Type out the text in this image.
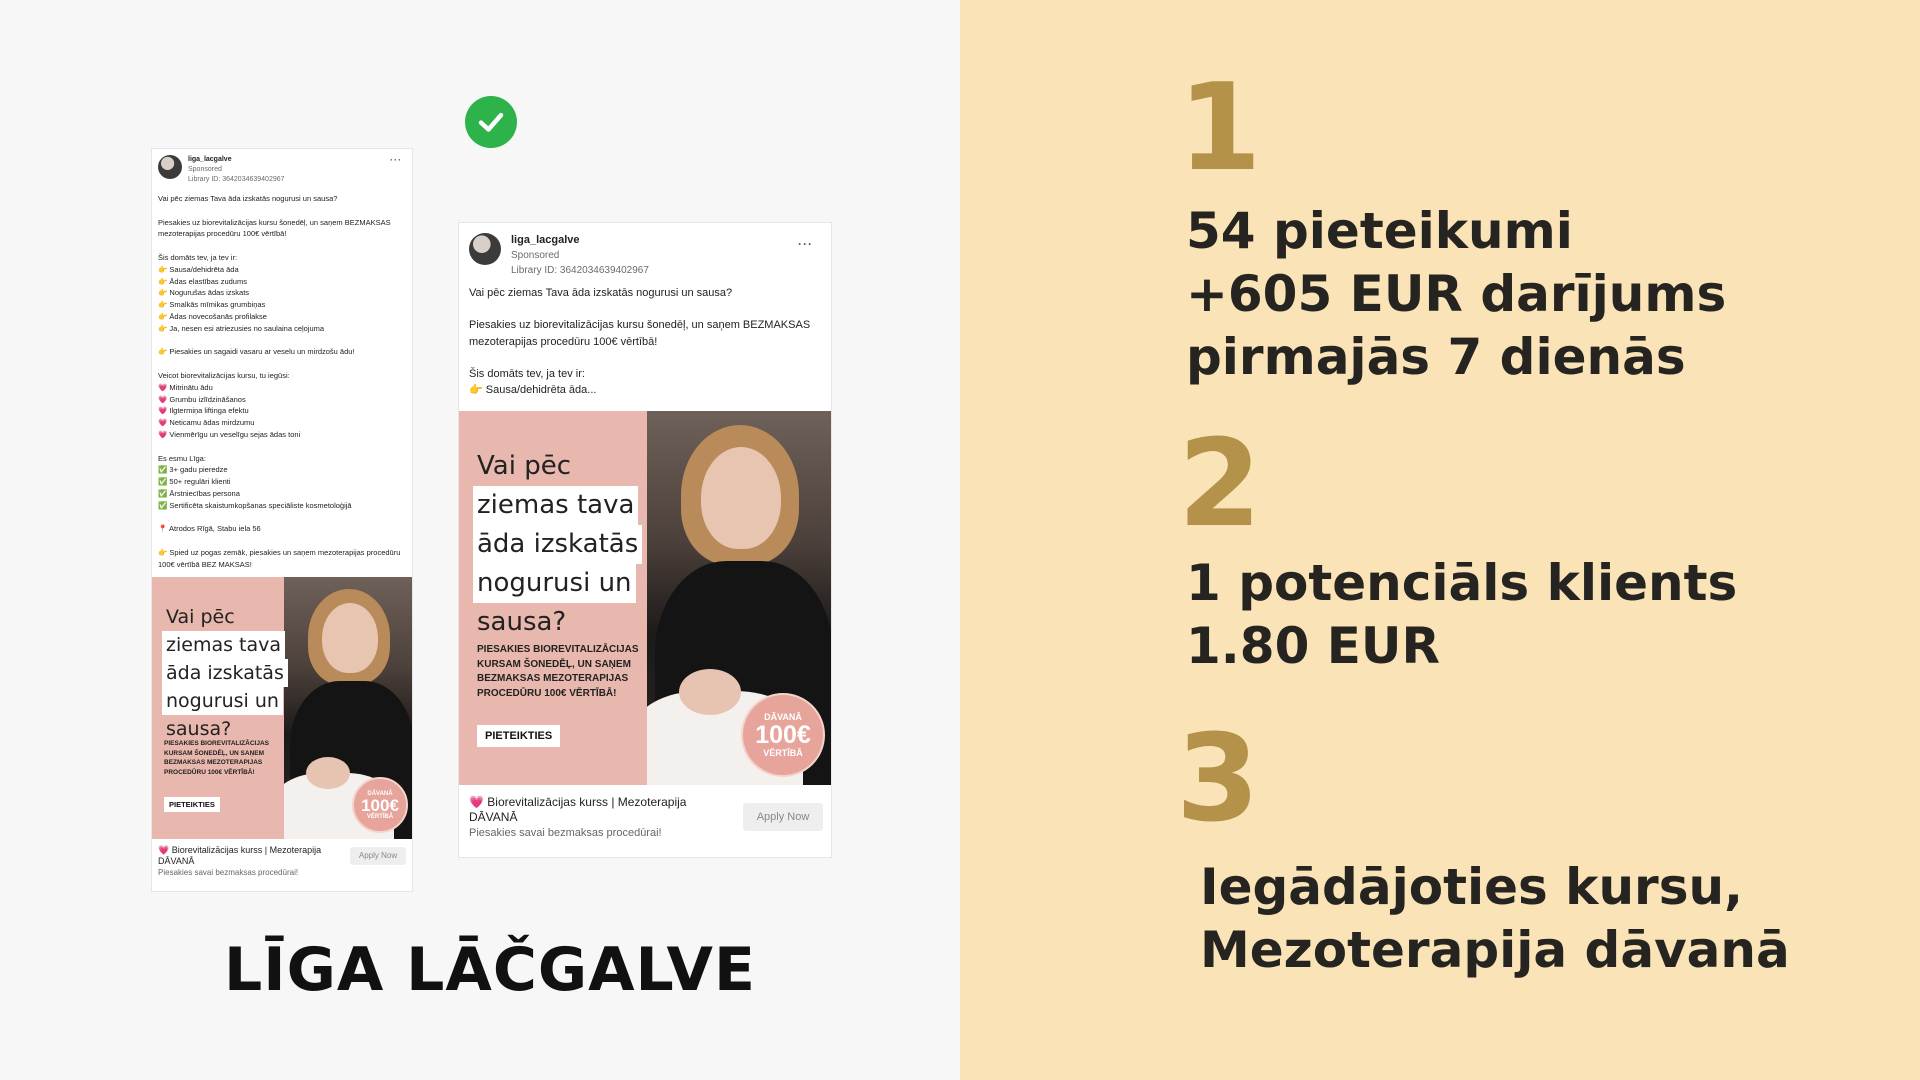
liga_lacgalve
Sponsored
Library ID: 3642034639402967
···
Vai pēc ziemas Tava āda izskatās nogurusi un sausa?

Piesakies uz biorevitalizācijas kursu šonedēļ, un saņem BEZMAKSAS mezoterapijas procedūru 100€ vērtībā!

Šis domāts tev, ja tev ir:
👉 Sausa/dehidrēta āda
👉 Ādas elastības zudums
👉 Nogurušas ādas izskats
👉 Smalkās mīmikas grumbiņas
👉 Ādas novecošanās profilakse
👉 Ja, nesen esi atriezusies no saulaina ceļojuma

👉 Piesakies un sagaidi vasaru ar veselu un mirdzošu ādu!

Veicot biorevitalizācijas kursu, tu iegūsi:
💗 Mitrinātu ādu
💗 Grumbu izlīdzināšanos
💗 Ilgtermiņa liftinga efektu
💗 Neticamu ādas mirdzumu
💗 Vienmērīgu un veselīgu sejas ādas toni

Es esmu Līga:
✅ 3+ gadu pieredze
✅ 50+ regulāri klienti
✅ Ārstniecības persona
✅ Sertificēta skaistumkopšanas speciāliste kosmetoloģijā

📍 Atrodos Rīgā, Stabu iela 56

👉 Spied uz pogas zemāk, piesakies un saņem mezoterapijas procedūru 100€ vērtībā BEZ MAKSAS!
Vai pēc
ziemas tava
āda izskatās
nogurusi un
sausa?
PIESAKIES BIOREVITALIZĀCIJAS
KURSAM ŠONEDĒĻ, UN SAŅEM
BEZMAKSAS MEZOTERAPIJAS
PROCEDŪRU 100€ VĒRTĪBĀ!
PIETEIKTIES
DĀVANĀ
100€
VĒRTĪBĀ
💗 Biorevitalizācijas kurss | Mezoterapija DĀVANĀ
Piesakies savai bezmaksas procedūrai!
Apply Now
liga_lacgalve
Sponsored
Library ID: 3642034639402967
···
Vai pēc ziemas Tava āda izskatās nogurusi un sausa?

Piesakies uz biorevitalizācijas kursu šonedēļ, un saņem BEZMAKSAS mezoterapijas procedūru 100€ vērtībā!

Šis domāts tev, ja tev ir:
👉 Sausa/dehidrēta āda...
Vai pēc
ziemas tava
āda izskatās
nogurusi un
sausa?
PIESAKIES BIOREVITALIZĀCIJAS
KURSAM ŠONEDĒĻ, UN SAŅEM
BEZMAKSAS MEZOTERAPIJAS
PROCEDŪRU 100€ VĒRTĪBĀ!
PIETEIKTIES
DĀVANĀ
100€
VĒRTĪBĀ
💗 Biorevitalizācijas kurss | Mezoterapija DĀVANĀ
Piesakies savai bezmaksas procedūrai!
Apply Now
LĪGA LĀČGALVE
1
54 pieteikumi
+605 EUR darījums
pirmajās 7 dienās
2
1 potenciāls klients
1.80 EUR
3
Iegādājoties kursu,
Mezoterapija dāvanā
